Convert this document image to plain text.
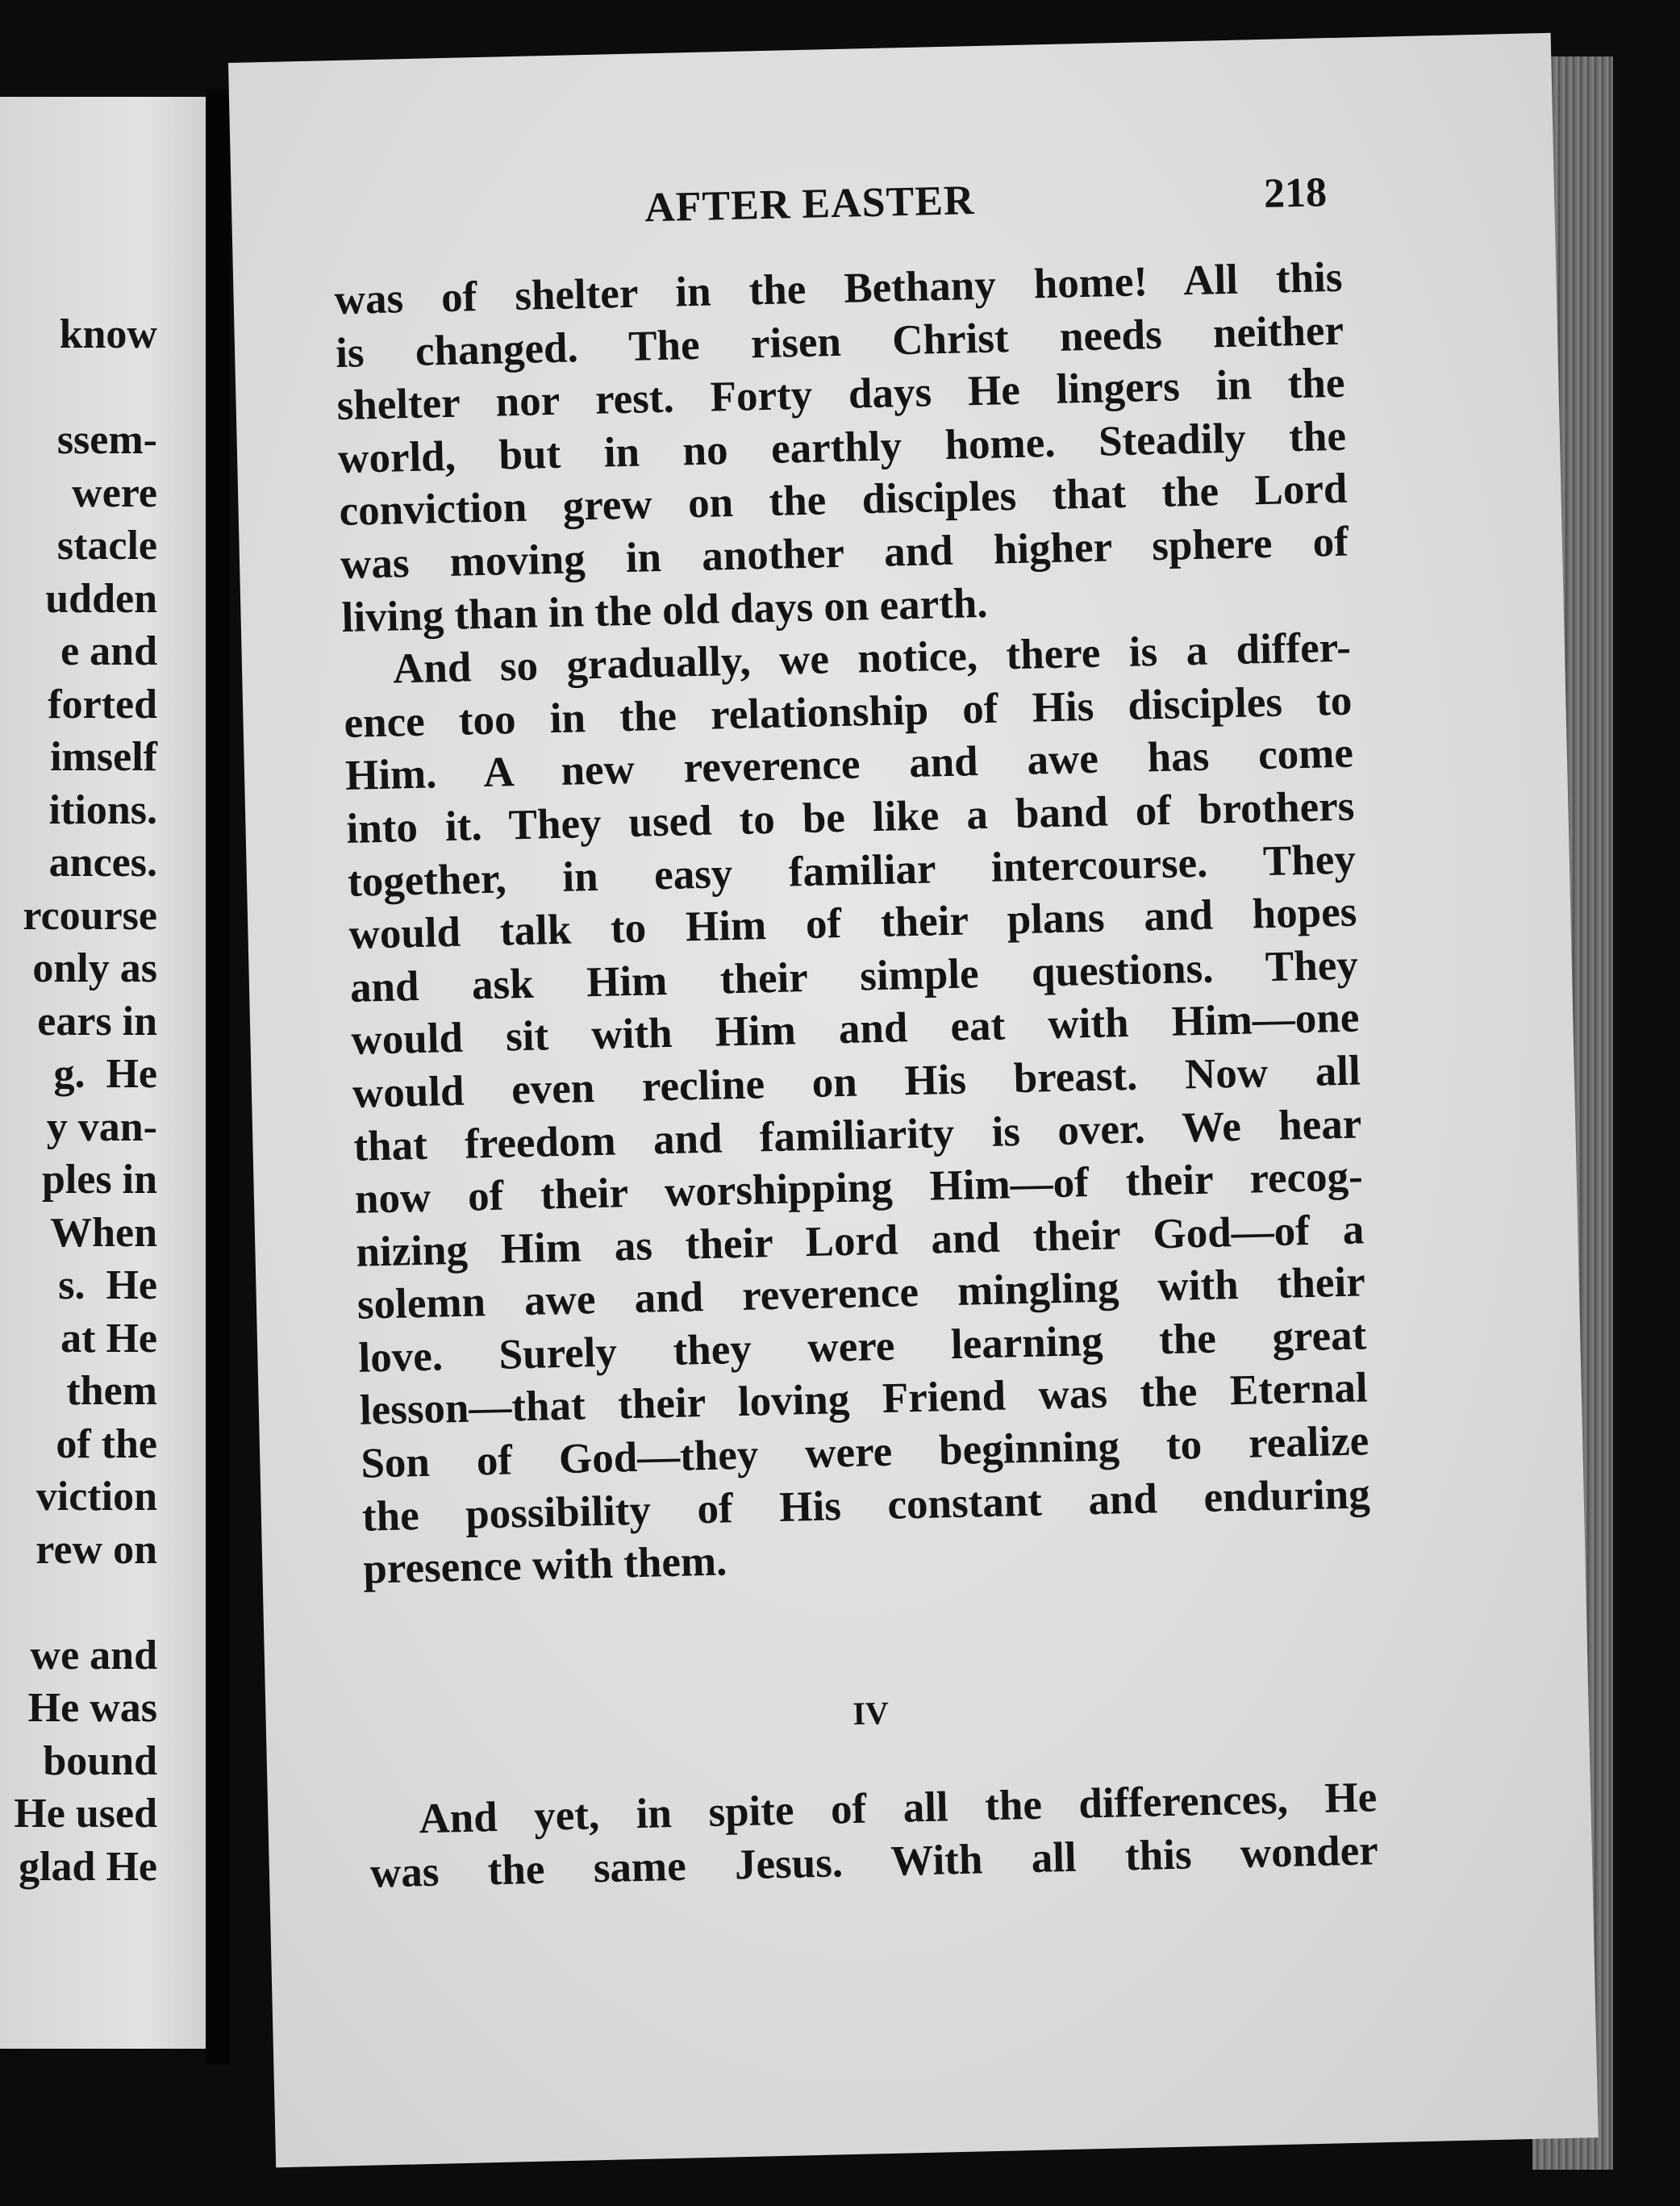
know
ssem-
were
stacle
udden
e and
forted
imself
itions.
ances.
rcourse
only as
ears in
g.  He
y van-
ples in
When
s.  He
at He
them
of the
viction
rew on
we and
He was
bound
He used
glad He
AFTER EASTER	218
was of shelter in the Bethany home! All this
is changed. The risen Christ needs neither
shelter nor rest. Forty days He lingers in the
world, but in no earthly home. Steadily the
conviction grew on the disciples that the Lord
was moving in another and higher sphere of
living than in the old days on earth.
And so gradually, we notice, there is a differ-
ence too in the relationship of His disciples to
Him. A new reverence and awe has come
into it. They used to be like a band of brothers
together, in easy familiar intercourse. They
would talk to Him of their plans and hopes
and ask Him their simple questions. They
would sit with Him and eat with Him—one
would even recline on His breast. Now all
that freedom and familiarity is over. We hear
now of their worshipping Him—of their recog-
nizing Him as their Lord and their God—of a
solemn awe and reverence mingling with their
love. Surely they were learning the great
lesson—that their loving Friend was the Eternal
Son of God—they were beginning to realize
the possibility of His constant and enduring
presence with them.
IV
And yet, in spite of all the differences, He
was the same Jesus. With all this wonder
